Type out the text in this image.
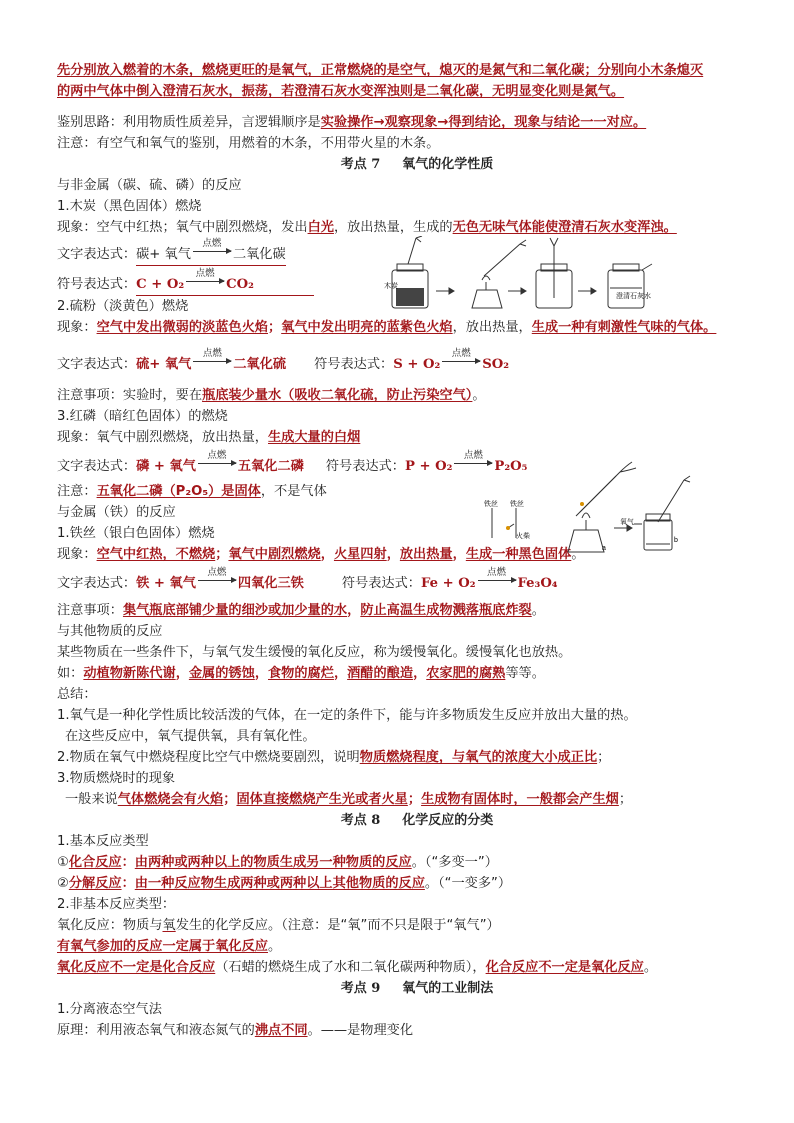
先分别放入燃着的木条，燃烧更旺的是氧气，正常燃烧的是空气，熄灭的是氮气和二氧化碳；分别向小木条熄灭
的两中气体中倒入澄清石灰水，振荡，若澄清石灰水变浑浊则是二氧化碳，无明显变化则是氮气。
鉴别思路：利用物质性质差异，言逻辑顺序是实验操作→观察现象→得到结论，现象与结论一一对应。
注意：有空气和氧气的鉴别，用燃着的木条，不用带火星的木条。
考点 7 氧气的化学性质
与非金属（碳、硫、磷）的反应
1.木炭（黑色固体）燃烧
现象：空气中红热；氧气中剧烈燃烧，发出白光，放出热量，生成的无色无味气体能使澄清石灰水变浑浊。
文字表达式：碳+ 氧气
点燃
二氧化碳
符号表达式：C + O₂
点燃
CO₂
2.硫粉（淡黄色）燃烧
现象：空气中发出微弱的淡蓝色火焰；氧气中发出明亮的蓝紫色火焰，放出热量，生成一种有刺激性气味的气体。
文字表达式：硫+ 氧气
点燃
二氧化硫 符号表达式：S + O₂
点燃
SO₂
注意事项：实验时，要在瓶底装少量水（吸收二氧化硫，防止污染空气）。
3.红磷（暗红色固体）的燃烧
现象：氧气中剧烈燃烧，放出热量，生成大量的白烟
文字表达式：磷 + 氧气
点燃
五氧化二磷 符号表达式：P + O₂
点燃
P₂O₅
注意：五氧化二磷（P₂O₅）是固体，不是气体
与金属（铁）的反应
1.铁丝（银白色固体）燃烧
现象：空气中红热，不燃烧；氧气中剧烈燃烧，火星四射，放出热量，生成一种黑色固体。
文字表达式：铁 + 氧气
点燃
四氧化三铁	符号表达式：Fe + O₂
点燃
Fe₃O₄
注意事项：集气瓶底部铺少量的细沙或加少量的水，防止高温生成物溅落瓶底炸裂。
与其他物质的反应
某些物质在一些条件下，与氧气发生缓慢的氧化反应，称为缓慢氧化。缓慢氧化也放热。
如：动植物新陈代谢，金属的锈蚀，食物的腐烂，酒醋的酿造，农家肥的腐熟等等。
总结：
1.氧气是一种化学性质比较活泼的气体，在一定的条件下，能与许多物质发生反应并放出大量的热。
在这些反应中，氧气提供氧，具有氧化性。
2.物质在氧气中燃烧程度比空气中燃烧要剧烈，说明物质燃烧程度，与氧气的浓度大小成正比；
3.物质燃烧时的现象
一般来说气体燃烧会有火焰；固体直接燃烧产生光或者火星；生成物有固体时，一般都会产生烟；
考点 8 化学反应的分类
1.基本反应类型
①化合反应：由两种或两种以上的物质生成另一种物质的反应。（“多变一”）
②分解反应：由一种反应物生成两种或两种以上其他物质的反应。（“一变多”）
2.非基本反应类型：
氧化反应：物质与氧发生的化学反应。（注意：是“氧”而不只是限于“氧气”）
有氧气参加的反应一定属于氧化反应。
氧化反应不一定是化合反应（石蜡的燃烧生成了水和二氧化碳两种物质），化合反应不一定是氧化反应。
考点 9 氧气的工业制法
1.分离液态空气法
原理：利用液态氧气和液态氮气的沸点不同。——是物理变化
木炭
澄清石灰水
铁丝 铁丝
火柴
氧气
a
b
